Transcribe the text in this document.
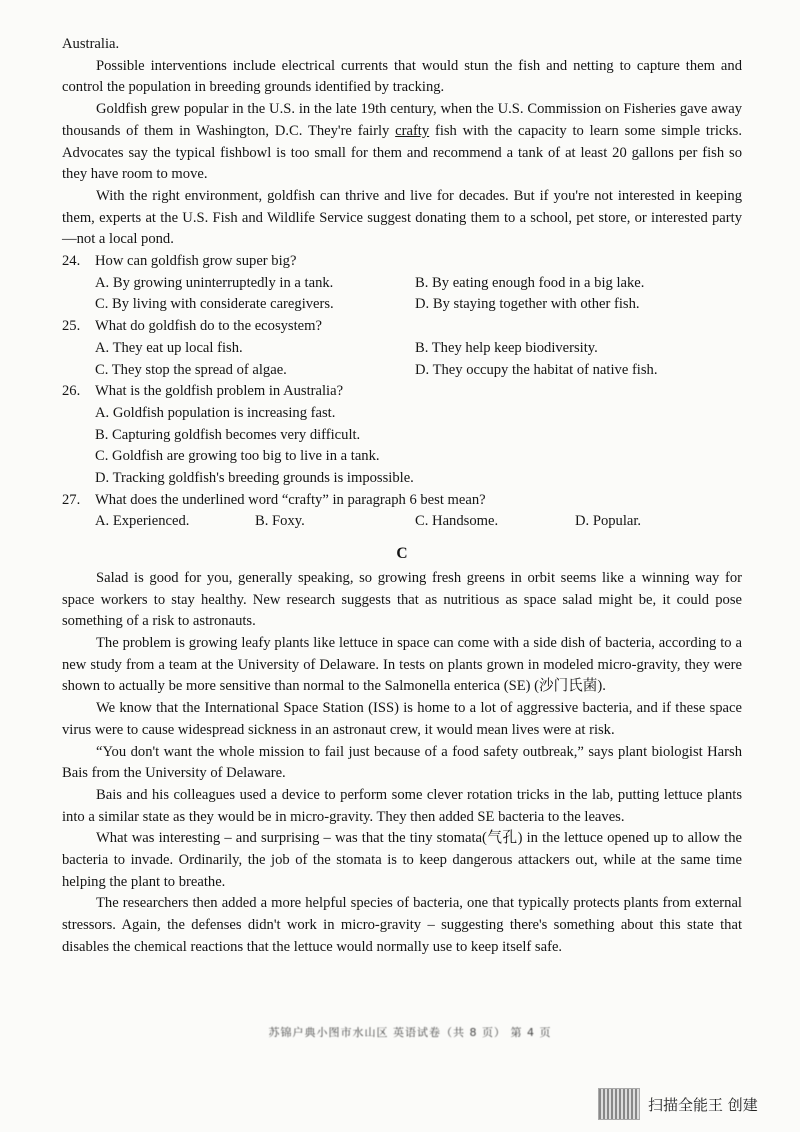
Australia.

Possible interventions include electrical currents that would stun the fish and netting to capture them and control the population in breeding grounds identified by tracking.

Goldfish grew popular in the U.S. in the late 19th century, when the U.S. Commission on Fisheries gave away thousands of them in Washington, D.C. They're fairly crafty fish with the capacity to learn some simple tricks. Advocates say the typical fishbowl is too small for them and recommend a tank of at least 20 gallons per fish so they have room to move.

With the right environment, goldfish can thrive and live for decades. But if you're not interested in keeping them, experts at the U.S. Fish and Wildlife Service suggest donating them to a school, pet store, or interested party—not a local pond.

24.	How can goldfish grow super big?
A. By growing uninterruptedly in a tank.	B. By eating enough food in a big lake.
C. By living with considerate caregivers.	D. By staying together with other fish.
25.	What do goldfish do to the ecosystem?
A. They eat up local fish.	B. They help keep biodiversity.
C. They stop the spread of algae.	D. They occupy the habitat of native fish.
26.	What is the goldfish problem in Australia?
A. Goldfish population is increasing fast.
B. Capturing goldfish becomes very difficult.
C. Goldfish are growing too big to live in a tank.
D. Tracking goldfish's breeding grounds is impossible.
27.	What does the underlined word “crafty” in paragraph 6 best mean?
A. Experienced.	B. Foxy.	C. Handsome.	D. Popular.
C

Salad is good for you, generally speaking, so growing fresh greens in orbit seems like a winning way for space workers to stay healthy. New research suggests that as nutritious as space salad might be, it could pose something of a risk to astronauts.

The problem is growing leafy plants like lettuce in space can come with a side dish of bacteria, according to a new study from a team at the University of Delaware. In tests on plants grown in modeled micro-gravity, they were shown to actually be more sensitive than normal to the Salmonella enterica (SE) (沙门氏菌).

We know that the International Space Station (ISS) is home to a lot of aggressive bacteria, and if these space virus were to cause widespread sickness in an astronaut crew, it would mean lives were at risk.

“You don't want the whole mission to fail just because of a food safety outbreak,” says plant biologist Harsh Bais from the University of Delaware.

Bais and his colleagues used a device to perform some clever rotation tricks in the lab, putting lettuce plants into a similar state as they would be in micro-gravity. They then added SE bacteria to the leaves.

What was interesting – and surprising – was that the tiny stomata(气孔) in the lettuce opened up to allow the bacteria to invade. Ordinarily, the job of the stomata is to keep dangerous attackers out, while at the same time helping the plant to breathe.

The researchers then added a more helpful species of bacteria, one that typically protects plants from external stressors. Again, the defenses didn't work in micro-gravity – suggesting there's something about this state that disables the chemical reactions that the lettuce would normally use to keep itself safe.

苏锦户典小图市水山区 英语试卷（共 8 页） 第 4 页
扫描全能王 创建
